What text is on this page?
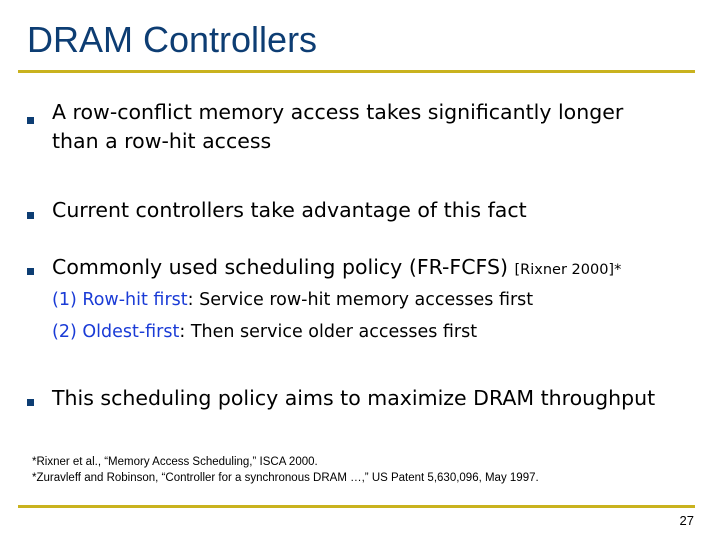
DRAM Controllers
A row-conflict memory access takes significantly longer
than a row-hit access
Current controllers take advantage of this fact
Commonly used scheduling policy (FR-FCFS) [Rixner 2000]*
(1) Row-hit first: Service row-hit memory accesses first
(2) Oldest-first: Then service older accesses first
This scheduling policy aims to maximize DRAM throughput
*Rixner et al., “Memory Access Scheduling,” ISCA 2000.
*Zuravleff and Robinson, “Controller for a synchronous DRAM …,” US Patent 5,630,096, May 1997.
27
